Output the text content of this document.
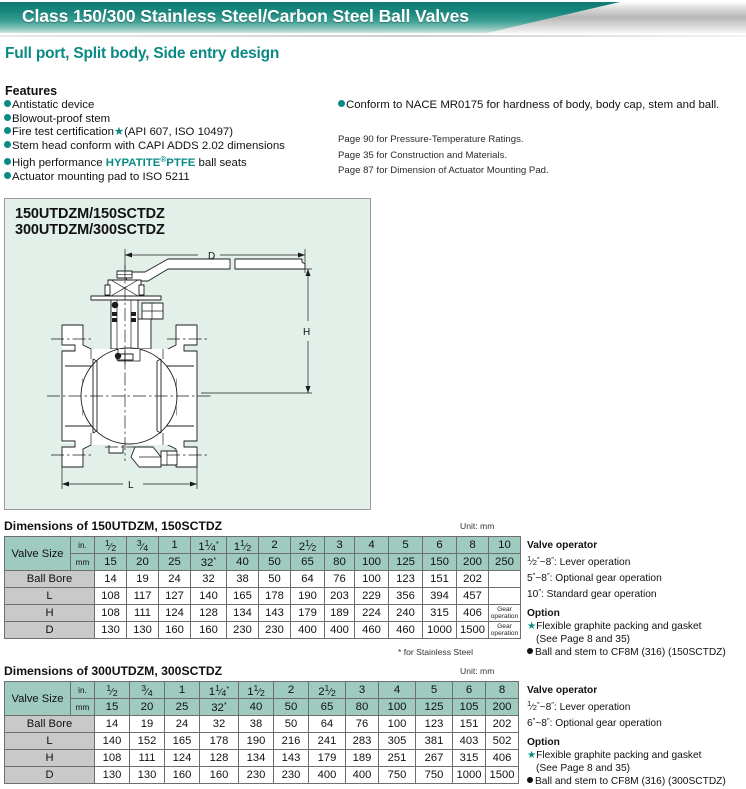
Class 150/300 Stainless Steel/Carbon Steel Ball Valves
Full port, Split body, Side entry design
Features
Antistatic device
Blowout-proof stem
Fire test certification★(API 607, ISO 10497)
Stem head conform with CAPI ADDS 2.02 dimensions
High performance HYPATITE®PTFE ball seats
Actuator mounting pad to ISO 5211
Conform to NACE MR0175 for hardness of body, body cap, stem and ball.
Page 90 for Pressure-Temperature Ratings.
Page 35 for Construction and Materials.
Page 87 for Dimension of Actuator Mounting Pad.
150UTDZM/150SCTDZ
300UTDZM/300SCTDZ
D
H
L
Dimensions of 150UTDZM, 150SCTDZ	Unit: mm
Valve Size	in.	$^1$⁄2	$^3$⁄4	1	$1^1⁄4^*$	$1^1⁄2$	2	$2^1⁄2$	3	4	5	6	8	10
	mm	15	20	25	32*	40	50	65	80	100	125	150	200	250
Ball Bore		14	19	24	32	38	50	64	76	100	123	151	202	
L		108	117	127	140	165	178	190	203	229	356	394	457	
H		108	111	124	128	134	143	179	189	224	240	315	406	Gear
operation
D		130	130	160	160	230	230	400	400	460	460	1000	1500	Gear
operation
* for Stainless Steel
Valve operator
$^1$⁄2″~8″: Lever operation
5″~8″: Optional gear operation
10″: Standard gear operation
Option
★Flexible graphite packing and gasket
(See Page 8 and 35)
Ball and stem to CF8M (316) (150SCTDZ)
Dimensions of 300UTDZM, 300SCTDZ	Unit: mm
Valve Size	in.	$^1$⁄2	$^3$⁄4	1	$1^1⁄4^*$	$1^1⁄2$	2	$2^1⁄2$	3	4	5	6	8
	mm	15	20	25	32*	40	50	65	80	100	125	105	200
Ball Bore		14	19	24	32	38	50	64	76	100	123	151	202
L		140	152	165	178	190	216	241	283	305	381	403	502
H		108	111	124	128	134	143	179	189	251	267	315	406
D		130	130	160	160	230	230	400	400	750	750	1000	1500
Valve operator
$^1$⁄2″~8″: Lever operation
6″~8″: Optional gear operation
Option
★Flexible graphite packing and gasket
(See Page 8 and 35)
Ball and stem to CF8M (316) (300SCTDZ)
